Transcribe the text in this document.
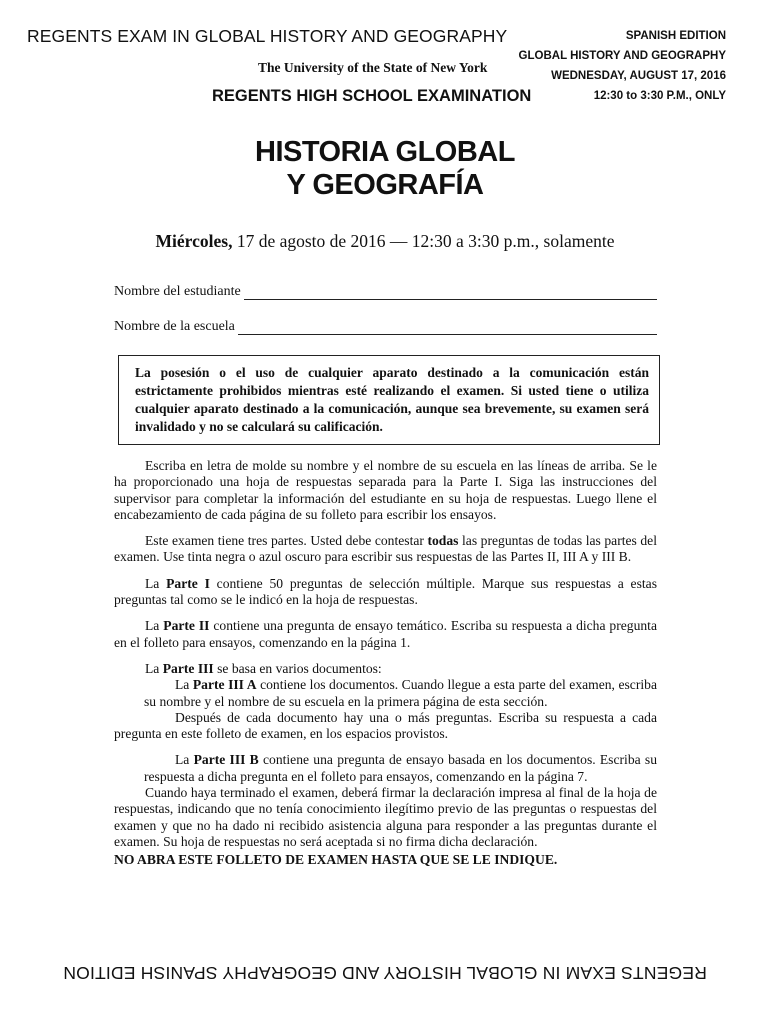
REGENTS EXAM IN GLOBAL HISTORY AND GEOGRAPHY	SPANISH EDITION
GLOBAL HISTORY AND GEOGRAPHY
WEDNESDAY, AUGUST 17, 2016
12:30 to 3:30 P.M., ONLY
The University of the State of New York
REGENTS HIGH SCHOOL EXAMINATION
HISTORIA GLOBAL
Y GEOGRAFÍA
Miércoles, 17 de agosto de 2016 — 12:30 a 3:30 p.m., solamente
Nombre del estudiante
Nombre de la escuela
La posesión o el uso de cualquier aparato destinado a la comunicación están estrictamente prohibidos mientras esté realizando el examen. Si usted tiene o utiliza cualquier aparato destinado a la comunicación, aunque sea brevemente, su examen será invalidado y no se calculará su calificación.

Escriba en letra de molde su nombre y el nombre de su escuela en las líneas de arriba. Se le ha proporcionado una hoja de respuestas separada para la Parte I. Siga las instrucciones del supervisor para completar la información del estudiante en su hoja de respuestas. Luego llene el encabezamiento de cada página de su folleto para escribir los ensayos.

Este examen tiene tres partes. Usted debe contestar todas las preguntas de todas las partes del examen. Use tinta negra o azul oscuro para escribir sus respuestas de las Partes II, III A y III B.

La Parte I contiene 50 preguntas de selección múltiple. Marque sus respuestas a estas preguntas tal como se le indicó en la hoja de respuestas.

La Parte II contiene una pregunta de ensayo temático. Escriba su respuesta a dicha pregunta en el folleto para ensayos, comenzando en la página 1.

La Parte III se basa en varios documentos:

La Parte III A contiene los documentos. Cuando llegue a esta parte del examen, escriba su nombre y el nombre de su escuela en la primera página de esta sección.

Después de cada documento hay una o más preguntas. Escriba su respuesta a cada pregunta en este folleto de examen, en los espacios provistos.

La Parte III B contiene una pregunta de ensayo basada en los documentos. Escriba su respuesta a dicha pregunta en el folleto para ensayos, comenzando en la página 7.

Cuando haya terminado el examen, deberá firmar la declaración impresa al final de la hoja de respuestas, indicando que no tenía conocimiento ilegítimo previo de las preguntas o respuestas del examen y que no ha dado ni recibido asistencia alguna para responder a las preguntas durante el examen. Su hoja de respuestas no será aceptada si no firma dicha declaración.

NO ABRA ESTE FOLLETO DE EXAMEN HASTA QUE SE LE INDIQUE.

REGENTS EXAM IN GLOBAL HISTORY AND GEOGRAPHY SPANISH EDITION
